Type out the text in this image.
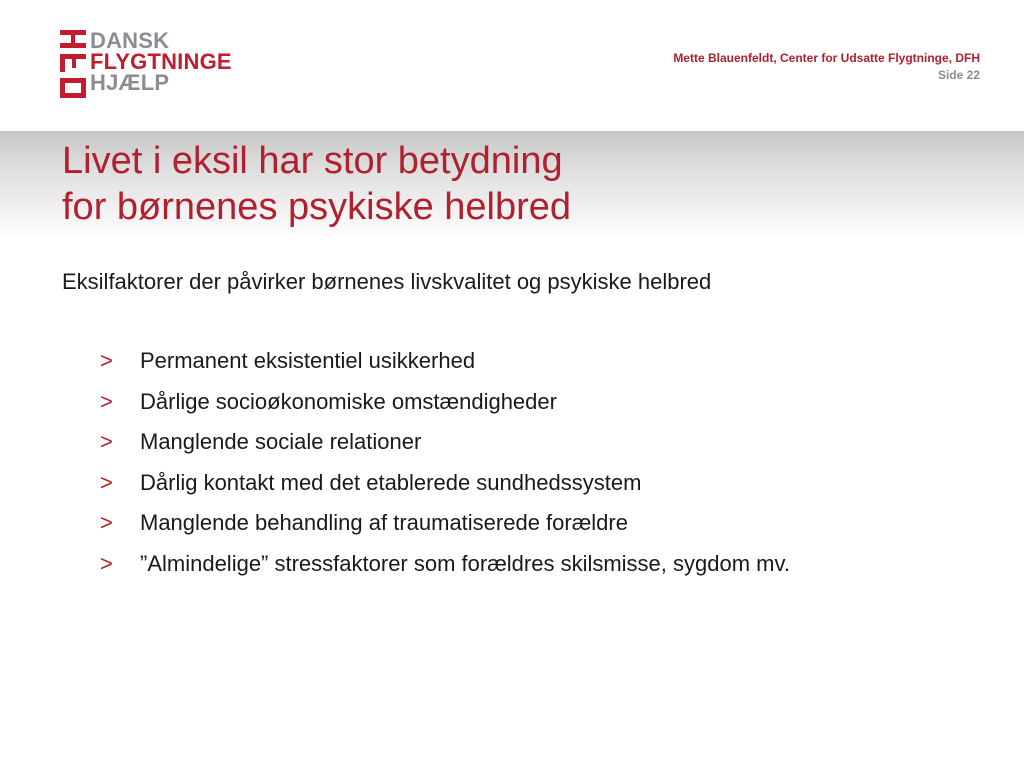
DANSK
FLYGTNINGE
HJÆLP
Mette Blauenfeldt, Center for Udsatte Flygtninge, DFH
Side 22
Livet i eksil har stor betydning
for børnenes psykiske helbred

Eksilfaktorer der påvirker børnenes livskvalitet og psykiske helbred

> Permanent eksistentiel usikkerhed
> Dårlige socioøkonomiske omstændigheder
> Manglende sociale relationer
> Dårlig kontakt med det etablerede sundhedssystem
> Manglende behandling af traumatiserede forældre
> ”Almindelige” stressfaktorer som forældres skilsmisse, sygdom mv.
